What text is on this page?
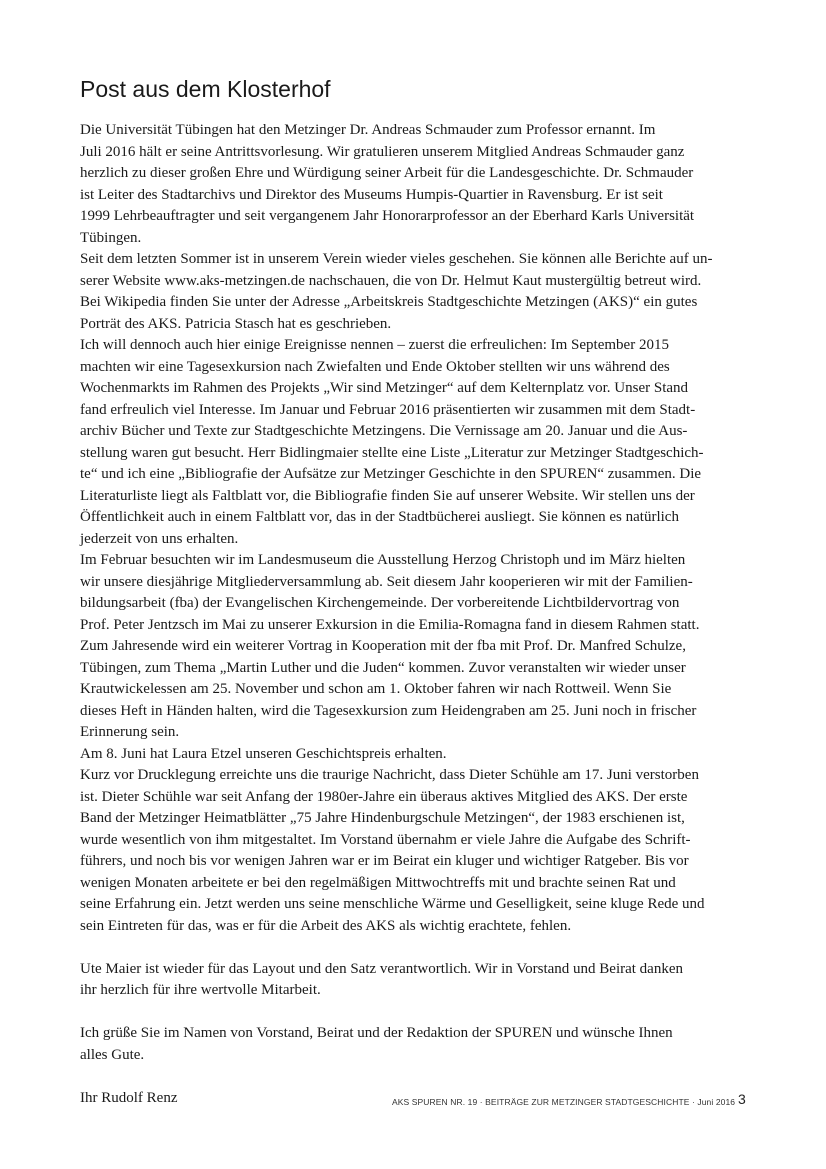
Post aus dem Klosterhof
Die Universität Tübingen hat den Metzinger Dr. Andreas Schmauder zum Professor ernannt. Im
Juli 2016 hält er seine Antrittsvorlesung. Wir gratulieren unserem Mitglied Andreas Schmauder ganz
herzlich zu dieser großen Ehre und Würdigung seiner Arbeit für die Landesgeschichte. Dr. Schmauder
ist Leiter des Stadtarchivs und Direktor des Museums Humpis-Quartier in Ravensburg. Er ist seit
1999 Lehrbeauftragter und seit vergangenem Jahr Honorarprofessor an der Eberhard Karls Universität
Tübingen.
Seit dem letzten Sommer ist in unserem Verein wieder vieles geschehen. Sie können alle Berichte auf un-
serer Website www.aks-metzingen.de nachschauen, die von Dr. Helmut Kaut mustergültig betreut wird.
Bei Wikipedia finden Sie unter der Adresse „Arbeitskreis Stadtgeschichte Metzingen (AKS)“ ein gutes
Porträt des AKS. Patricia Stasch hat es geschrieben.
Ich will dennoch auch hier einige Ereignisse nennen – zuerst die erfreulichen: Im September 2015
machten wir eine Tagesexkursion nach Zwiefalten und Ende Oktober stellten wir uns während des
Wochenmarkts im Rahmen des Projekts „Wir sind Metzinger“ auf dem Kelternplatz vor. Unser Stand
fand erfreulich viel Interesse. Im Januar und Februar 2016 präsentierten wir zusammen mit dem Stadt-
archiv Bücher und Texte zur Stadtgeschichte Metzingens. Die Vernissage am 20. Januar und die Aus-
stellung waren gut besucht. Herr Bidlingmaier stellte eine Liste „Literatur zur Metzinger Stadtgeschich-
te“ und ich eine „Bibliografie der Aufsätze zur Metzinger Geschichte in den SPUREN“ zusammen. Die
Literaturliste liegt als Faltblatt vor, die Bibliografie finden Sie auf unserer Website. Wir stellen uns der
Öffentlichkeit auch in einem Faltblatt vor, das in der Stadtbücherei ausliegt. Sie können es natürlich
jederzeit von uns erhalten.
Im Februar besuchten wir im Landesmuseum die Ausstellung Herzog Christoph und im März hielten
wir unsere diesjährige Mitgliederversammlung ab. Seit diesem Jahr kooperieren wir mit der Familien-
bildungsarbeit (fba) der Evangelischen Kirchengemeinde. Der vorbereitende Lichtbildervortrag von
Prof. Peter Jentzsch im Mai zu unserer Exkursion in die Emilia-Romagna fand in diesem Rahmen statt.
Zum Jahresende wird ein weiterer Vortrag in Kooperation mit der fba mit Prof. Dr. Manfred Schulze,
Tübingen, zum Thema „Martin Luther und die Juden“ kommen. Zuvor veranstalten wir wieder unser
Krautwickelessen am 25. November und schon am 1. Oktober fahren wir nach Rottweil. Wenn Sie
dieses Heft in Händen halten, wird die Tagesexkursion zum Heidengraben am 25. Juni noch in frischer
Erinnerung sein.
Am 8. Juni hat Laura Etzel unseren Geschichtspreis erhalten.
Kurz vor Drucklegung erreichte uns die traurige Nachricht, dass Dieter Schühle am 17. Juni verstorben
ist. Dieter Schühle war seit Anfang der 1980er-Jahre ein überaus aktives Mitglied des AKS. Der erste
Band der Metzinger Heimatblätter „75 Jahre Hindenburgschule Metzingen“, der 1983 erschienen ist,
wurde wesentlich von ihm mitgestaltet. Im Vorstand übernahm er viele Jahre die Aufgabe des Schrift-
führers, und noch bis vor wenigen Jahren war er im Beirat ein kluger und wichtiger Ratgeber. Bis vor
wenigen Monaten arbeitete er bei den regelmäßigen Mittwochtreffs mit und brachte seinen Rat und
seine Erfahrung ein. Jetzt werden uns seine menschliche Wärme und Geselligkeit, seine kluge Rede und
sein Eintreten für das, was er für die Arbeit des AKS als wichtig erachtete, fehlen.
Ute Maier ist wieder für das Layout und den Satz verantwortlich. Wir in Vorstand und Beirat danken
ihr herzlich für ihre wertvolle Mitarbeit.
Ich grüße Sie im Namen von Vorstand, Beirat und der Redaktion der SPUREN und wünsche Ihnen
alles Gute.
Ihr Rudolf Renz	AKS SPUREN NR. 19 · BEITRÄGE ZUR METZINGER STADTGESCHICHTE · Juni 2016 3
